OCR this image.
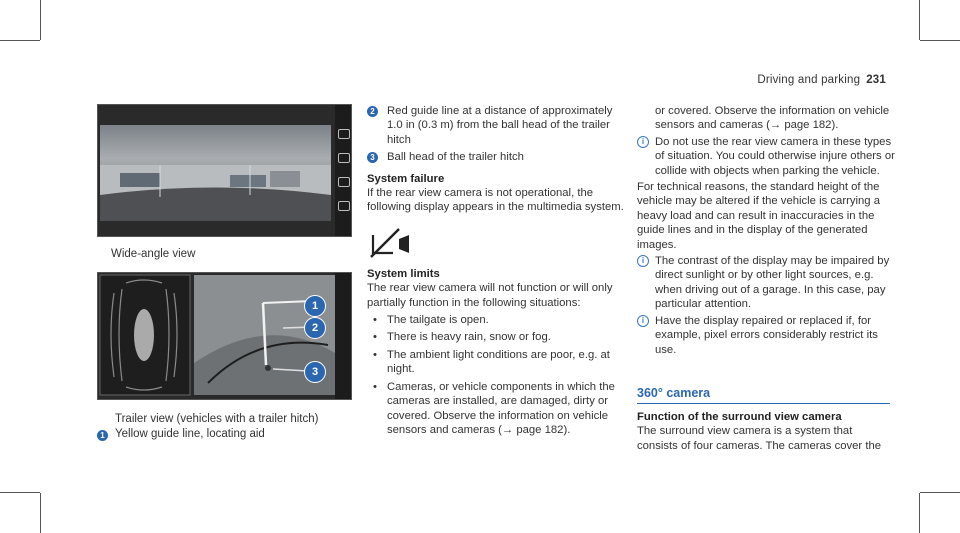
Driving and parking 231
Wide-angle view
1
2
3
Trailer view (vehicles with a trailer hitch)
1 Yellow guide line, locating aid

2 Red guide line at a distance of approximately 1.0 in (0.3 m) from the ball head of the trailer hitch

3 Ball head of the trailer hitch

System failure

If the rear view camera is not operational, the following display appears in the multimedia system.

System limits

The rear view camera will not function or will only partially function in the following situations:

• The tailgate is open.

• There is heavy rain, snow or fog.

• The ambient light conditions are poor, e.g. at night.

• Cameras, or vehicle components in which the cameras are installed, are damaged, dirty or covered. Observe the information on vehicle sensors and cameras (→ page 182).

or covered. Observe the information on vehicle sensors and cameras (→ page 182).

i Do not use the rear view camera in these types of situation. You could otherwise injure others or collide with objects when parking the vehicle.

For technical reasons, the standard height of the vehicle may be altered if the vehicle is carrying a heavy load and can result in inaccuracies in the guide lines and in the display of the generated images.

i The contrast of the display may be impaired by direct sunlight or by other light sources, e.g. when driving out of a garage. In this case, pay particular attention.

i Have the display repaired or replaced if, for example, pixel errors considerably restrict its use.

360° camera

Function of the surround view camera

The surround view camera is a system that consists of four cameras. The cameras cover the
